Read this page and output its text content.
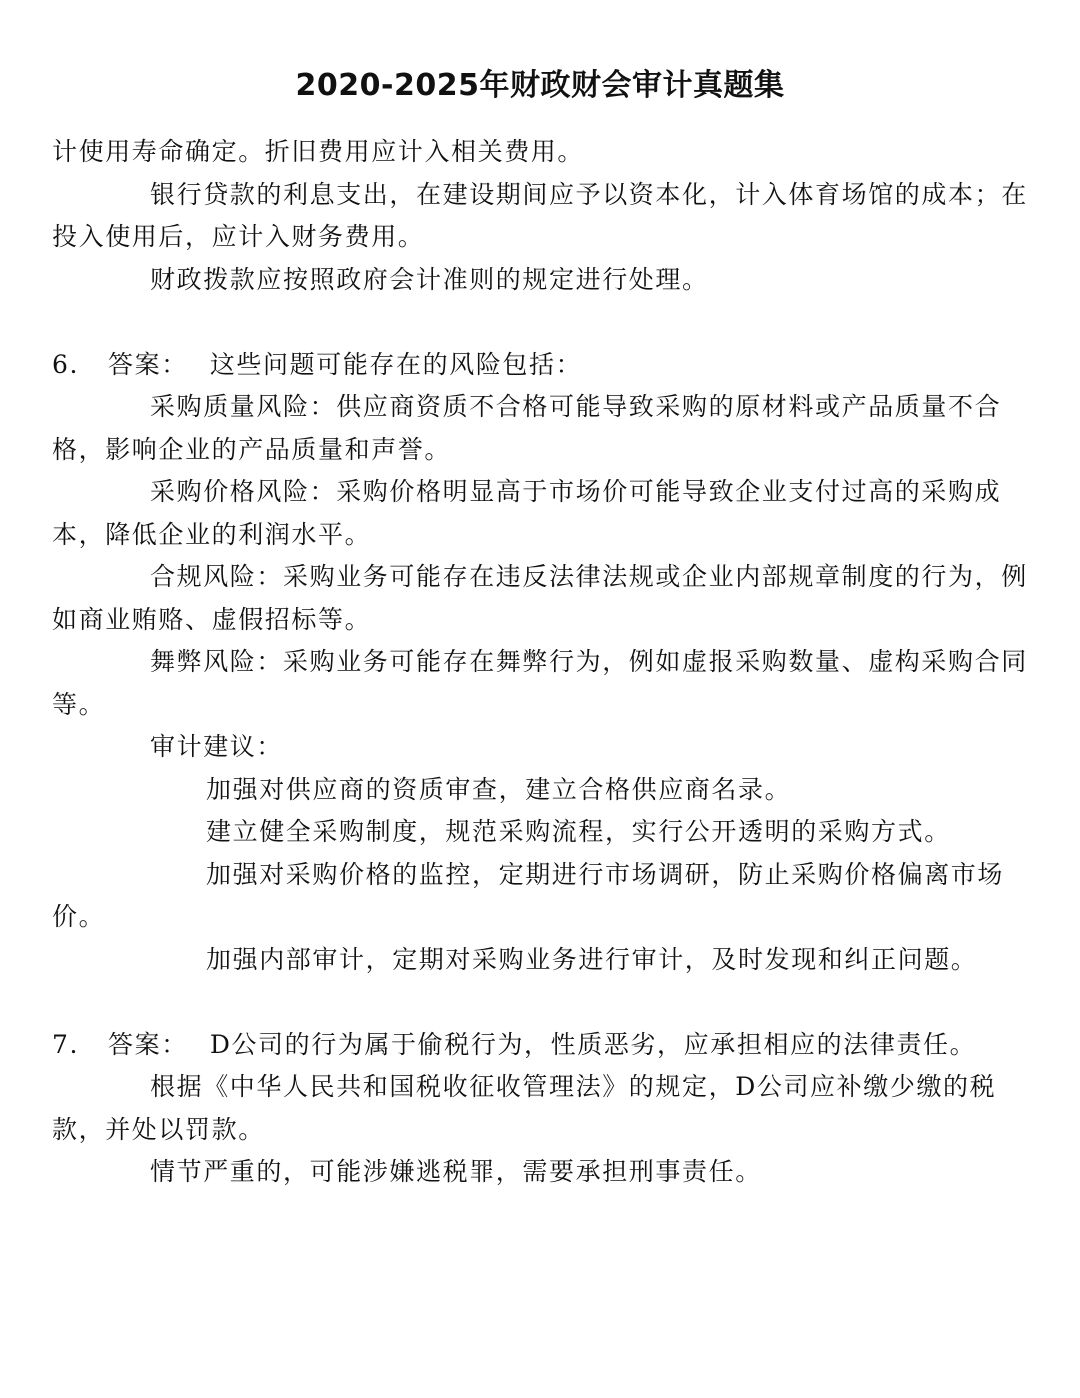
2020-2025年财政财会审计真题集

计使用寿命确定。折旧费用应计入相关费用。

银行贷款的利息支出，在建设期间应予以资本化，计入体育场馆的成本；在投入使用后，应计入财务费用。

财政拨款应按照政府会计准则的规定进行处理。

6.	答案： 这些问题可能存在的风险包括：

采购质量风险：供应商资质不合格可能导致采购的原材料或产品质量不合格，影响企业的产品质量和声誉。

采购价格风险：采购价格明显高于市场价可能导致企业支付过高的采购成本，降低企业的利润水平。

合规风险：采购业务可能存在违反法律法规或企业内部规章制度的行为，例如商业贿赂、虚假招标等。

舞弊风险：采购业务可能存在舞弊行为，例如虚报采购数量、虚构采购合同等。

审计建议：

加强对供应商的资质审查，建立合格供应商名录。

建立健全采购制度，规范采购流程，实行公开透明的采购方式。

加强对采购价格的监控，定期进行市场调研，防止采购价格偏离市场价。

加强内部审计，定期对采购业务进行审计，及时发现和纠正问题。

7.	答案： D公司的行为属于偷税行为，性质恶劣，应承担相应的法律责任。

根据《中华人民共和国税收征收管理法》的规定，D公司应补缴少缴的税款，并处以罚款。

情节严重的，可能涉嫌逃税罪，需要承担刑事责任。
